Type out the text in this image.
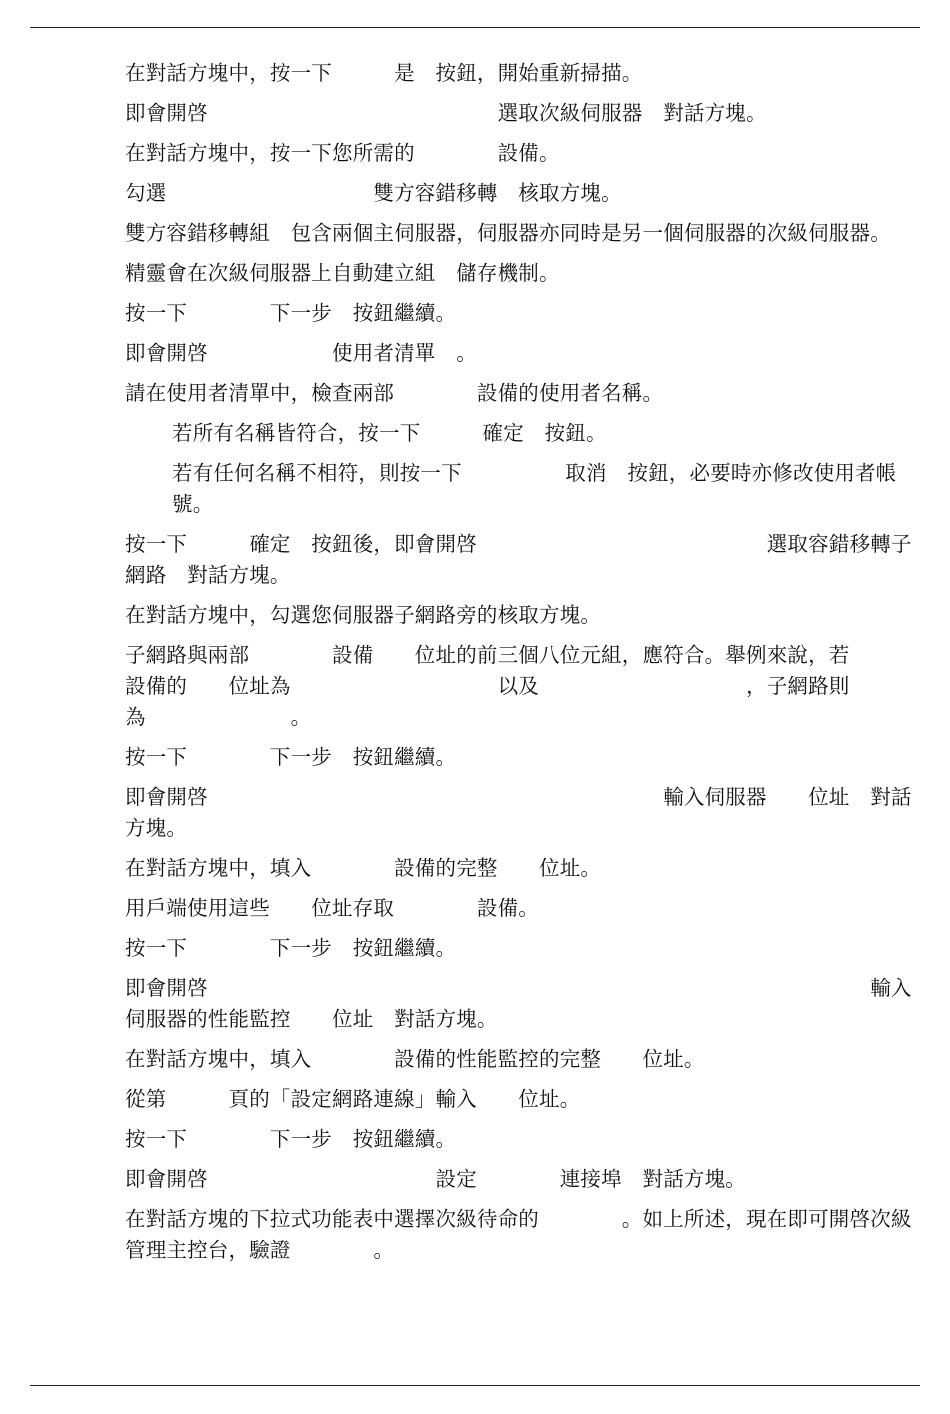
在對話方塊中，按一下　　　是　按鈕，開始重新掃描。

即會開啓　　　　　　　　　　　　　　選取次級伺服器　對話方塊。

在對話方塊中，按一下您所需的　　　　設備。

勾選　　　　　　　　　　雙方容錯移轉　核取方塊。

雙方容錯移轉組　包含兩個主伺服器，伺服器亦同時是另一個伺服器的次級伺服器。

精靈會在次級伺服器上自動建立組　儲存機制。

按一下　　　　下一步　按鈕繼續。

即會開啓　　　　　　使用者清單　。

請在使用者清單中，檢查兩部　　　　設備的使用者名稱。

若所有名稱皆符合，按一下　　　確定　按鈕。

若有任何名稱不相符，則按一下　　　　　取消　按鈕，必要時亦修改使用者帳號。

按一下　　　確定　按鈕後，即會開啓　　　　　　　　　　　　　　選取容錯移轉子網路　對話方塊。

在對話方塊中，勾選您伺服器子網路旁的核取方塊。

子網路與兩部　　　　設備　　位址的前三個八位元組，應符合。舉例來說，若　　　設備的　　位址為　　　　　　　　　　以及　　　　　　　　　　，子網路則為　　　　　　　。

按一下　　　　下一步　按鈕繼續。

即會開啓　　　　　　　　　　　　　　　　　　　　　　輸入伺服器　　位址　對話方塊。

在對話方塊中，填入　　　　設備的完整　　位址。

用戶端使用這些　　位址存取　　　　設備。

按一下　　　　下一步　按鈕繼續。

即會開啓　　　　　　　　　　　　　　　　　　　　　　　　　　　　　　　　輸入伺服器的性能監控　　位址　對話方塊。

在對話方塊中，填入　　　　設備的性能監控的完整　　位址。

從第　　　頁的「設定網路連線」輸入　　位址。

按一下　　　　下一步　按鈕繼續。

即會開啓　　　　　　　　　　　設定　　　　連接埠　對話方塊。

在對話方塊的下拉式功能表中選擇次級待命的　　　　。如上所述，現在即可開啓次級管理主控台，驗證　　　　。
